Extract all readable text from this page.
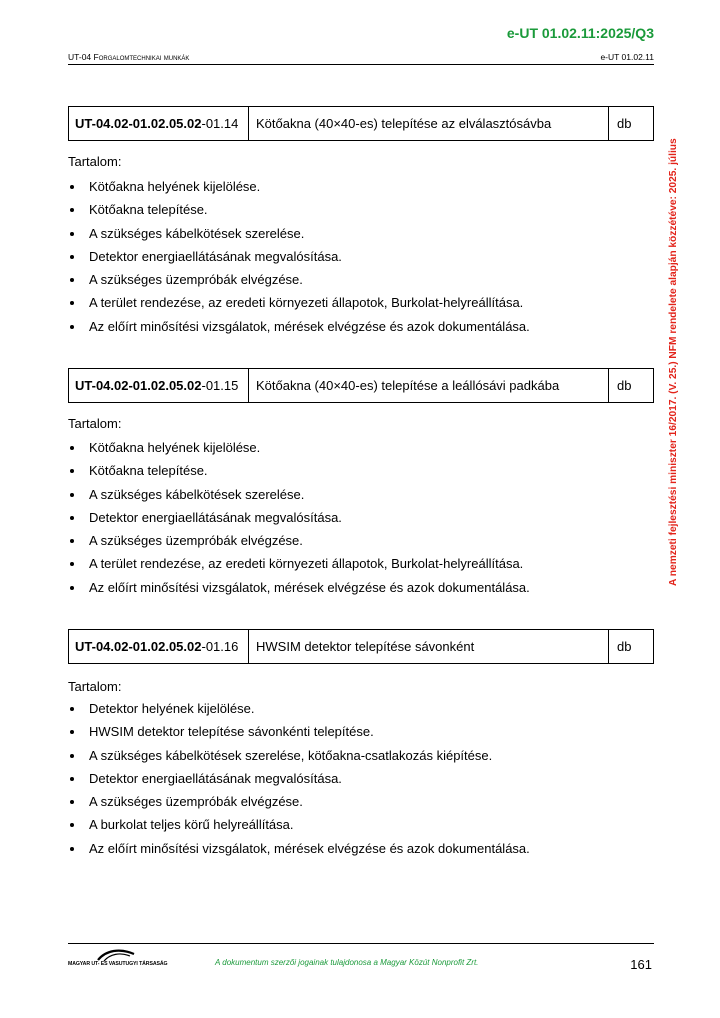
e-UT 01.02.11:2025/Q3
UT-04 Forgalomtechnikai munkák	e-UT 01.02.11
A nemzeti fejlesztési miniszter 16/2017. (V. 25.) NFM rendelete alapján közzétéve: 2025. július
UT-04.02-01.02.05.02 -01.14	Kötőakna (40×40-es) telepítése az elválasztósávba	db
Tartalom:
Kötőakna helyének kijelölése.
Kötőakna telepítése.
A szükséges kábelkötések szerelése.
Detektor energiaellátásának megvalósítása.
A szükséges üzempróbák elvégzése.
A terület rendezése, az eredeti környezeti állapotok, Burkolat-helyreállítása.
Az előírt minősítési vizsgálatok, mérések elvégzése és azok dokumentálása.
UT-04.02-01.02.05.02 -01.15	Kötőakna (40×40-es) telepítése a leállósávi padkába	db
Tartalom:
Kötőakna helyének kijelölése.
Kötőakna telepítése.
A szükséges kábelkötések szerelése.
Detektor energiaellátásának megvalósítása.
A szükséges üzempróbák elvégzése.
A terület rendezése, az eredeti környezeti állapotok, Burkolat-helyreállítása.
Az előírt minősítési vizsgálatok, mérések elvégzése és azok dokumentálása.
UT-04.02-01.02.05.02 -01.16	HWSIM detektor telepítése sávonként	db
Tartalom:
Detektor helyének kijelölése.
HWSIM detektor telepítése sávonkénti telepítése.
A szükséges kábelkötések szerelése, kötőakna-csatlakozás kiépítése.
Detektor energiaellátásának megvalósítása.
A szükséges üzempróbák elvégzése.
A burkolat teljes körű helyreállítása.
Az előírt minősítési vizsgálatok, mérések elvégzése és azok dokumentálása.
MAGYAR UT- ES VASUTUGYI TÁRSASÁG	A dokumentum szerzői jogainak tulajdonosa a Magyar Közút Nonprofit Zrt.	161
